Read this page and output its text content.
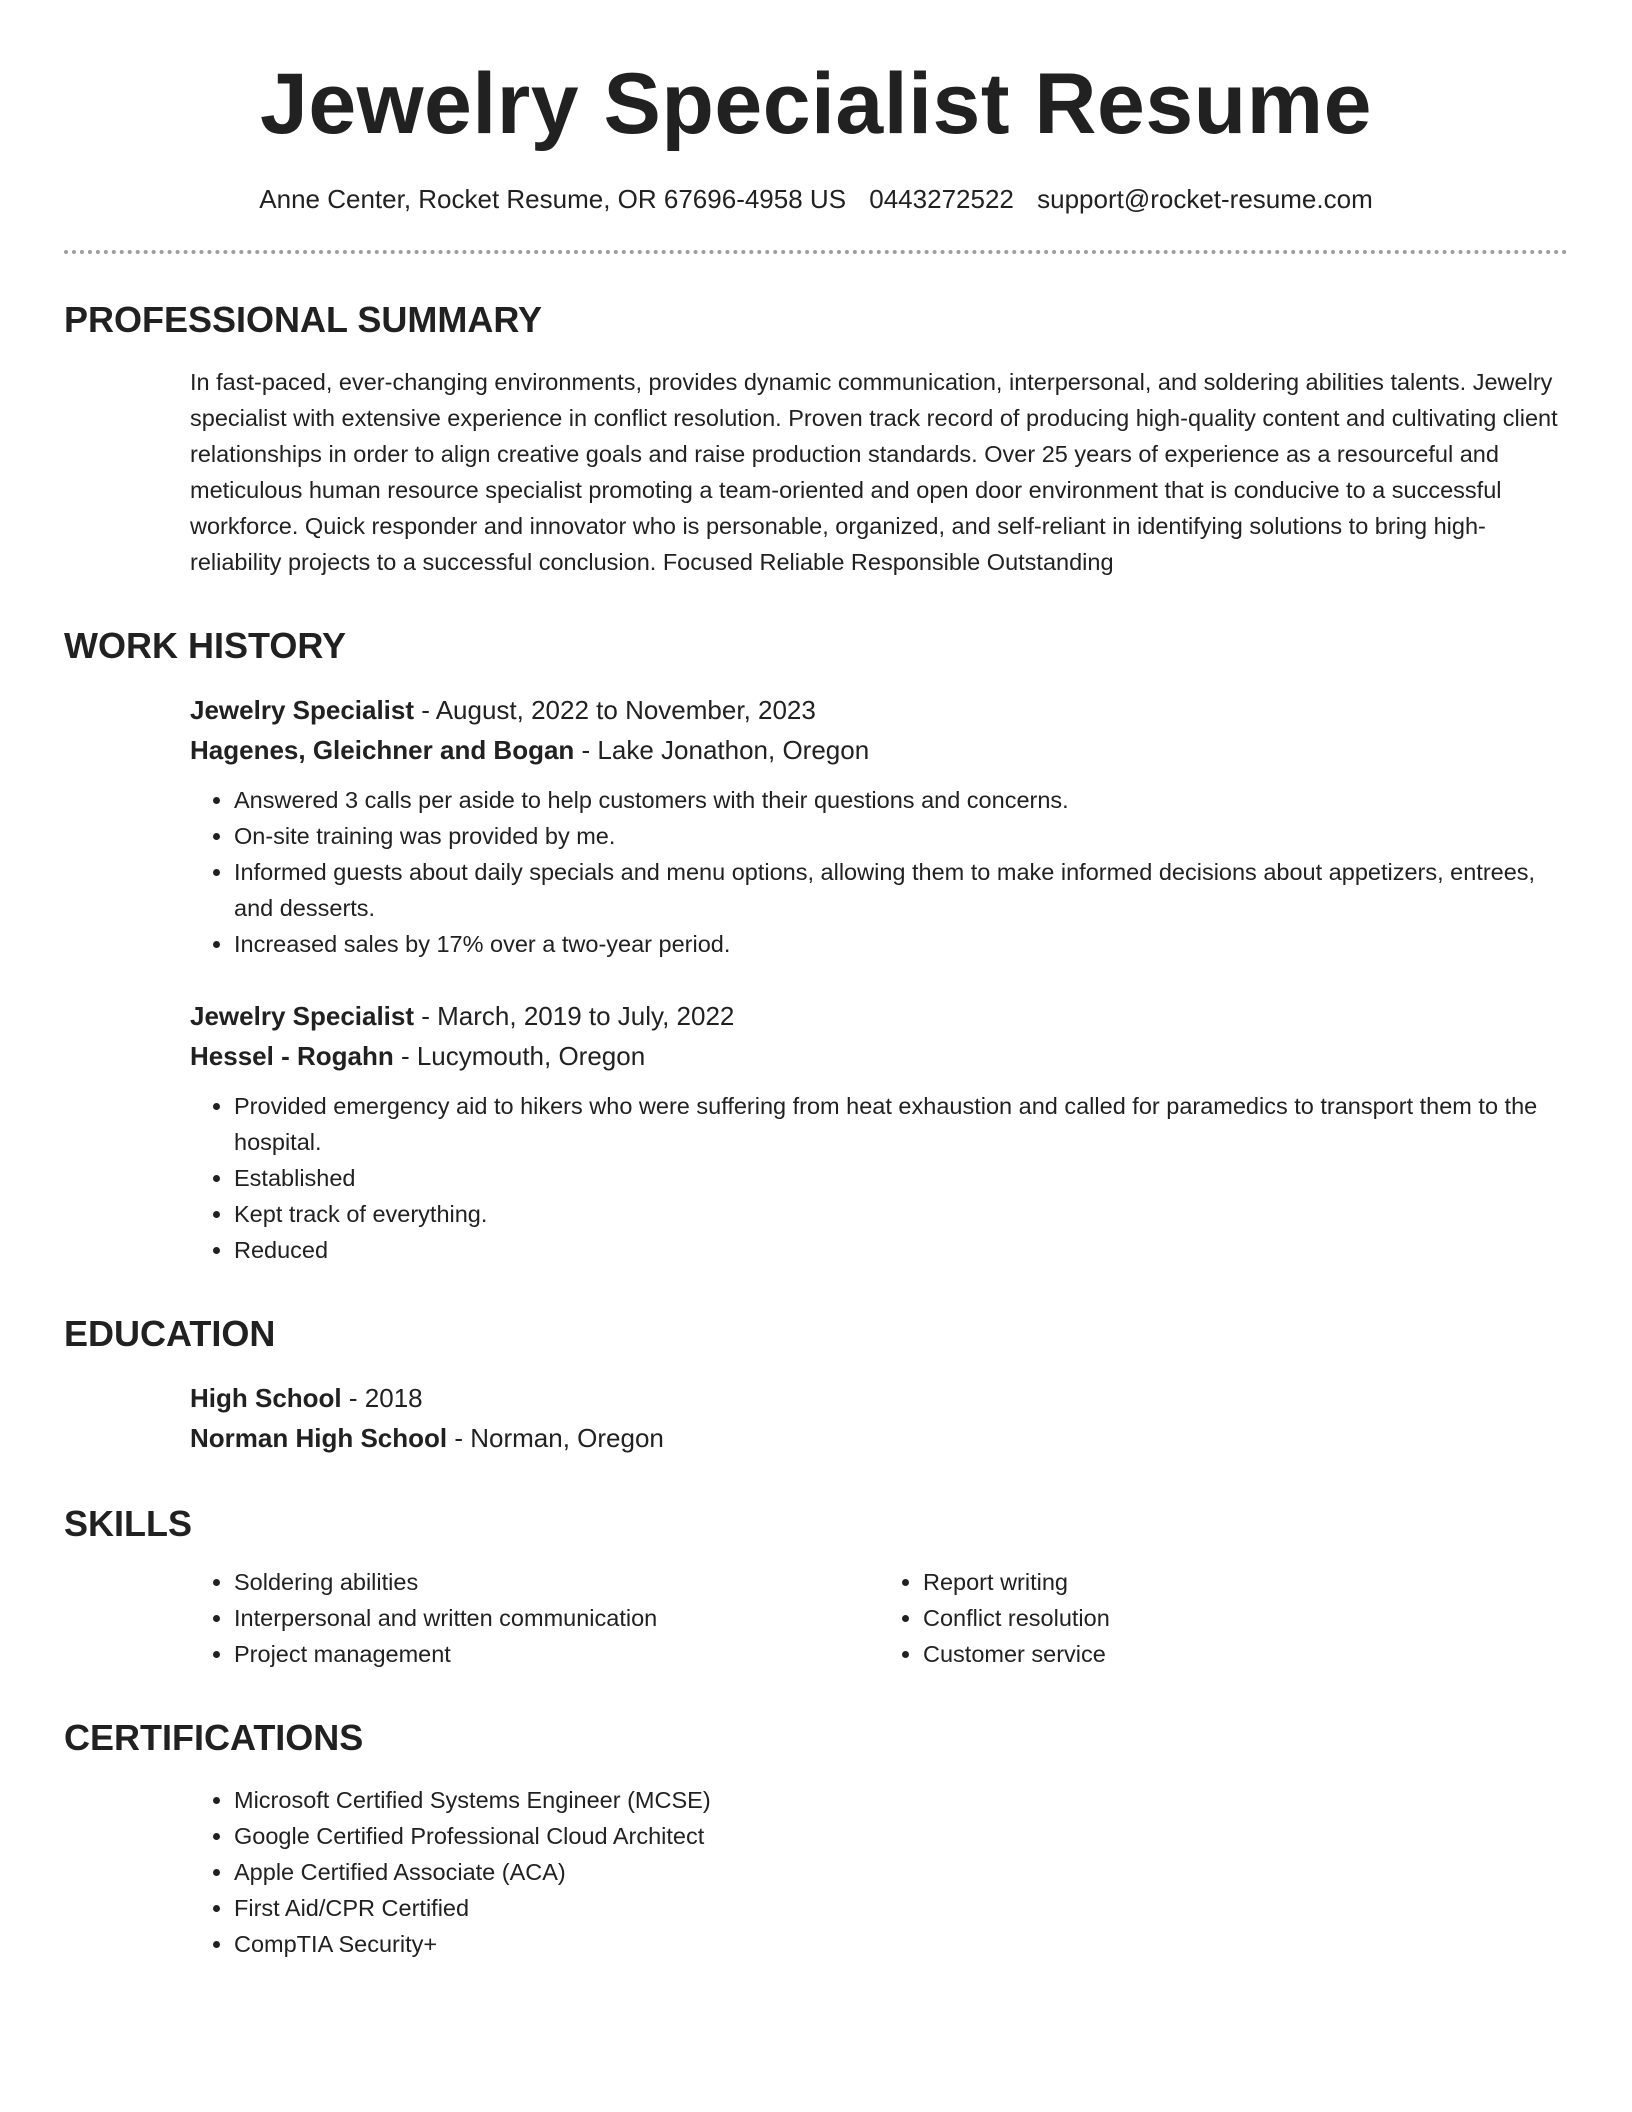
Jewelry Specialist Resume
Anne Center, Rocket Resume, OR 67696-4958 US 0443272522 support@rocket-resume.com
PROFESSIONAL SUMMARY

In fast-paced, ever-changing environments, provides dynamic communication, interpersonal, and soldering abilities talents. Jewelry specialist with extensive experience in conflict resolution. Proven track record of producing high-quality content and cultivating client relationships in order to align creative goals and raise production standards. Over 25 years of experience as a resourceful and meticulous human resource specialist promoting a team-oriented and open door environment that is conducive to a successful workforce. Quick responder and innovator who is personable, organized, and self-reliant in identifying solutions to bring high-reliability projects to a successful conclusion. Focused Reliable Responsible Outstanding

WORK HISTORY
Jewelry Specialist - August, 2022 to November, 2023
Hagenes, Gleichner and Bogan - Lake Jonathon, Oregon
• Answered 3 calls per aside to help customers with their questions and concerns.
• On-site training was provided by me.
• Informed guests about daily specials and menu options, allowing them to make informed decisions about appetizers, entrees, and desserts.
• Increased sales by 17% over a two-year period.
Jewelry Specialist - March, 2019 to July, 2022
Hessel - Rogahn - Lucymouth, Oregon
• Provided emergency aid to hikers who were suffering from heat exhaustion and called for paramedics to transport them to the hospital.
• Established
• Kept track of everything.
• Reduced
EDUCATION
High School - 2018
Norman High School - Norman, Oregon
SKILLS
• Soldering abilities
• Interpersonal and written communication
• Project management
• Report writing
• Conflict resolution
• Customer service
CERTIFICATIONS
• Microsoft Certified Systems Engineer (MCSE)
• Google Certified Professional Cloud Architect
• Apple Certified Associate (ACA)
• First Aid/CPR Certified
• CompTIA Security+
